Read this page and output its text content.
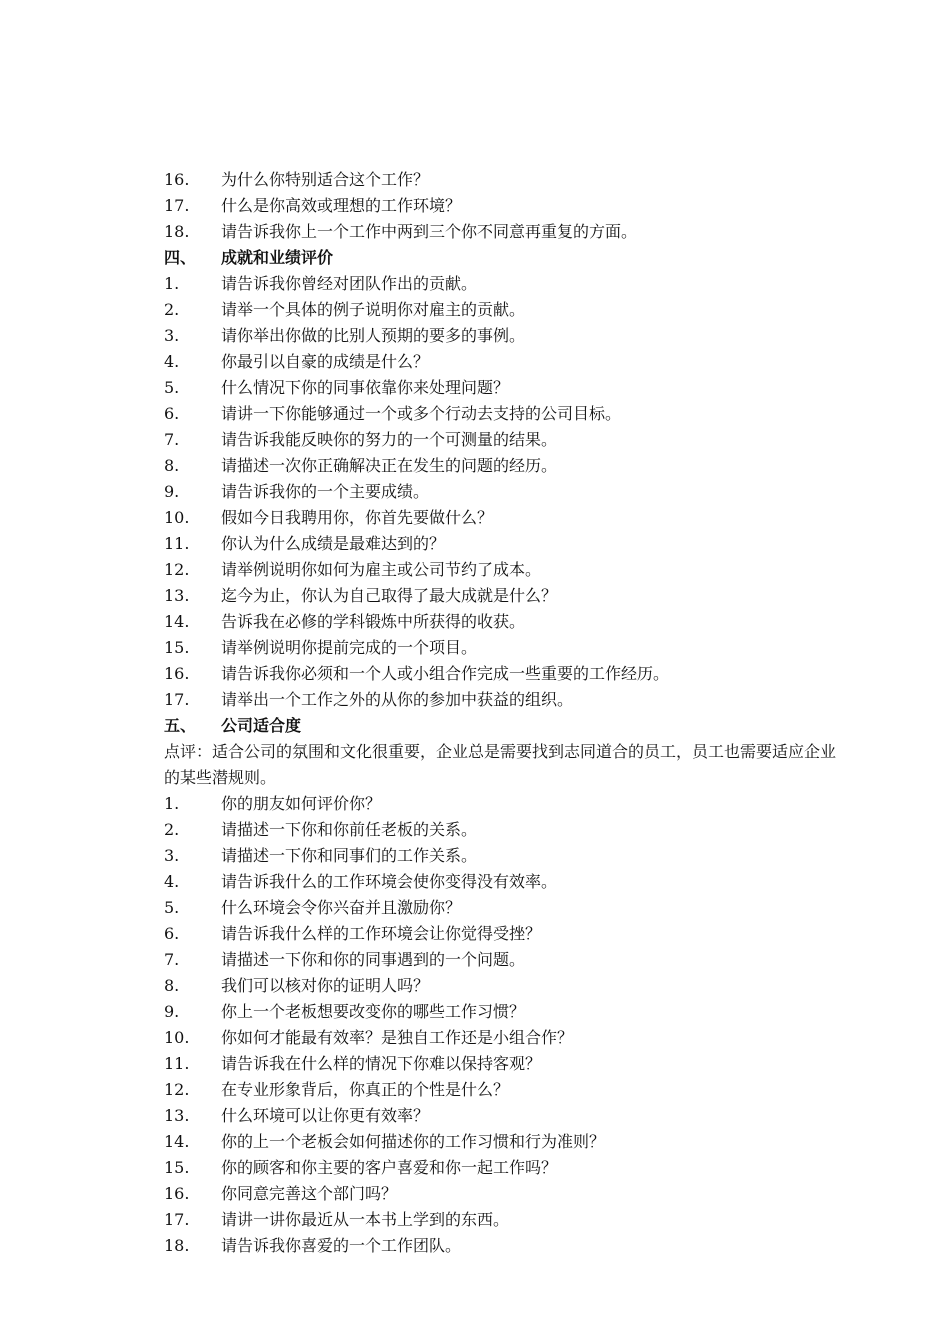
16. 为什么你特别适合这个工作？
17. 什么是你高效或理想的工作环境？
18. 请告诉我你上一个工作中两到三个你不同意再重复的方面。
四、 成就和业绩评价
1.	请告诉我你曾经对团队作出的贡献。
2.	请举一个具体的例子说明你对雇主的贡献。
3.	请你举出你做的比别人预期的要多的事例。
4.	你最引以自豪的成绩是什么？
5.	什么情况下你的同事依靠你来处理问题？
6.	请讲一下你能够通过一个或多个行动去支持的公司目标。
7.	请告诉我能反映你的努力的一个可测量的结果。
8.	请描述一次你正确解决正在发生的问题的经历。
9.	请告诉我你的一个主要成绩。
10. 假如今日我聘用你，你首先要做什么？
11. 你认为什么成绩是最难达到的？
12. 请举例说明你如何为雇主或公司节约了成本。
13. 迄今为止，你认为自己取得了最大成就是什么？
14. 告诉我在必修的学科锻炼中所获得的收获。
15. 请举例说明你提前完成的一个项目。
16. 请告诉我你必须和一个人或小组合作完成一些重要的工作经历。
17. 请举出一个工作之外的从你的参加中获益的组织。
五、 公司适合度
点评：适合公司的氛围和文化很重要，企业总是需要找到志同道合的员工，员工也需要适应企业的某些潜规则。
1.	你的朋友如何评价你？
2.	请描述一下你和你前任老板的关系。
3.	请描述一下你和同事们的工作关系。
4.	请告诉我什么的工作环境会使你变得没有效率。
5.	什么环境会令你兴奋并且激励你？
6.	请告诉我什么样的工作环境会让你觉得受挫？
7.	请描述一下你和你的同事遇到的一个问题。
8.	我们可以核对你的证明人吗？
9.	你上一个老板想要改变你的哪些工作习惯？
10. 你如何才能最有效率？是独自工作还是小组合作？
11. 请告诉我在什么样的情况下你难以保持客观？
12. 在专业形象背后，你真正的个性是什么？
13. 什么环境可以让你更有效率？
14. 你的上一个老板会如何描述你的工作习惯和行为准则？
15. 你的顾客和你主要的客户喜爱和你一起工作吗？
16. 你同意完善这个部门吗？
17. 请讲一讲你最近从一本书上学到的东西。
18. 请告诉我你喜爱的一个工作团队。
